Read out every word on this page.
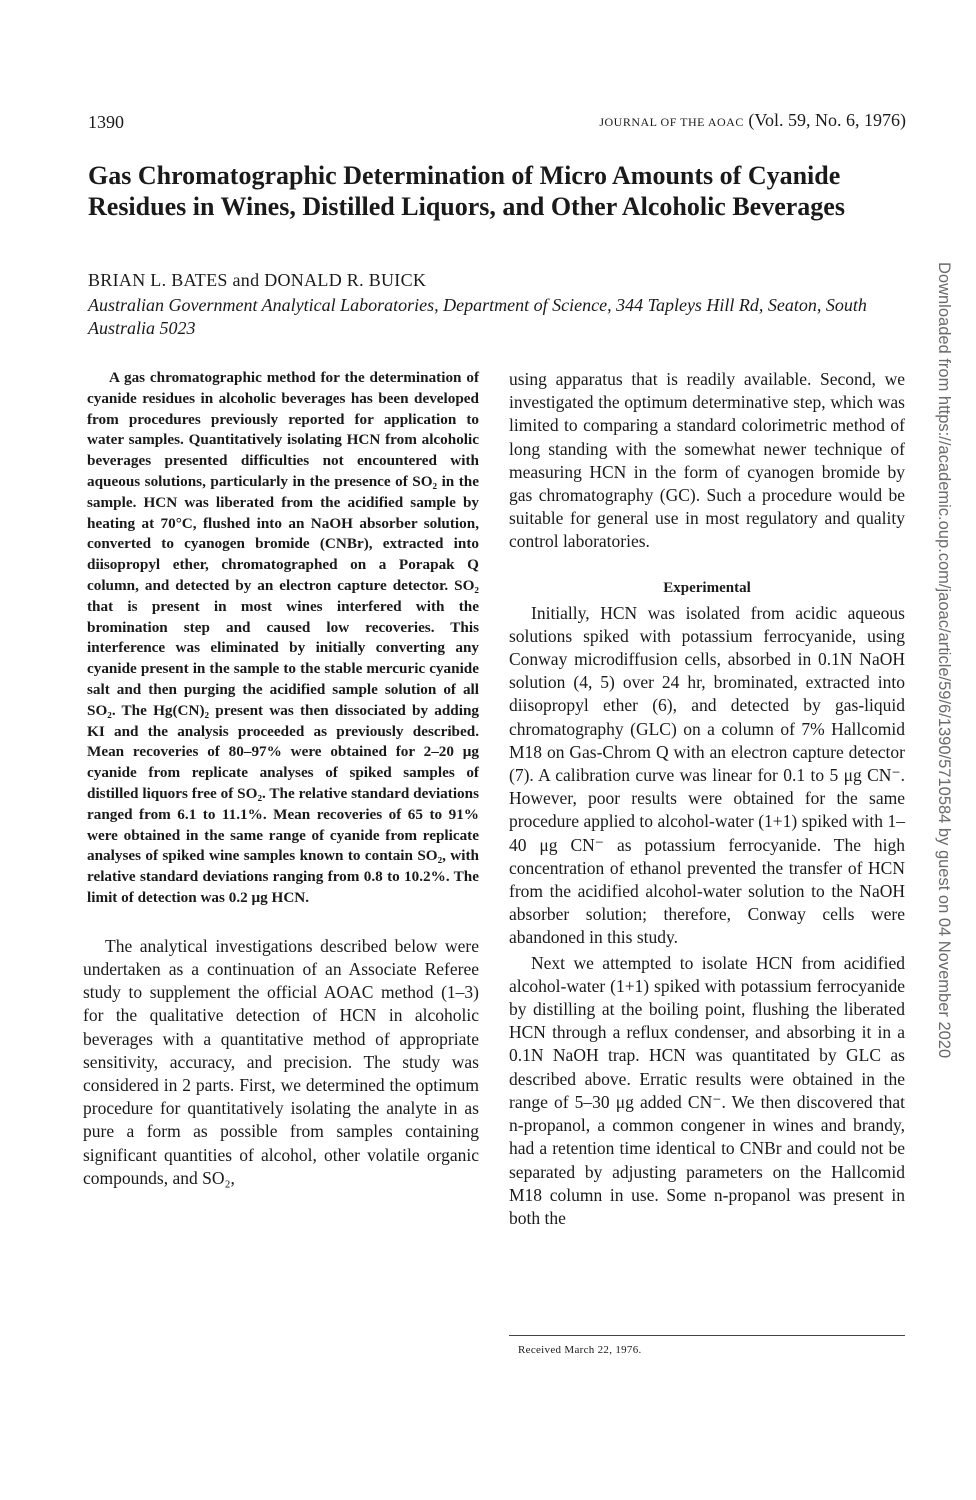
1390	JOURNAL OF THE AOAC (Vol. 59, No. 6, 1976)
Gas Chromatographic Determination of Micro Amounts of Cyanide Residues in Wines, Distilled Liquors, and Other Alcoholic Beverages
BRIAN L. BATES and DONALD R. BUICK
Australian Government Analytical Laboratories, Department of Science, 344 Tapleys Hill Rd, Seaton, South Australia 5023

A gas chromatographic method for the determination of cyanide residues in alcoholic beverages has been developed from procedures previously reported for application to water samples. Quantitatively isolating HCN from alcoholic beverages presented difficulties not encountered with aqueous solutions, particularly in the presence of SO₂ in the sample. HCN was liberated from the acidified sample by heating at 70°C, flushed into an NaOH absorber solution, converted to cyanogen bromide (CNBr), extracted into diisopropyl ether, chromatographed on a Porapak Q column, and detected by an electron capture detector. SO₂ that is present in most wines interfered with the bromination step and caused low recoveries. This interference was eliminated by initially converting any cyanide present in the sample to the stable mercuric cyanide salt and then purging the acidified sample solution of all SO₂. The Hg(CN)₂ present was then dissociated by adding KI and the analysis proceeded as previously described. Mean recoveries of 80–97% were obtained for 2–20 μg cyanide from replicate analyses of spiked samples of distilled liquors free of SO₂. The relative standard deviations ranged from 6.1 to 11.1%. Mean recoveries of 65 to 91% were obtained in the same range of cyanide from replicate analyses of spiked wine samples known to contain SO₂, with relative standard deviations ranging from 0.8 to 10.2%. The limit of detection was 0.2 μg HCN.

The analytical investigations described below were undertaken as a continuation of an Associate Referee study to supplement the official AOAC method (1–3) for the qualitative detection of HCN in alcoholic beverages with a quantitative method of appropriate sensitivity, accuracy, and precision. The study was considered in 2 parts. First, we determined the optimum procedure for quantitatively isolating the analyte in as pure a form as possible from samples containing significant quantities of alcohol, other volatile organic compounds, and SO₂,

using apparatus that is readily available. Second, we investigated the optimum determinative step, which was limited to comparing a standard colorimetric method of long standing with the somewhat newer technique of measuring HCN in the form of cyanogen bromide by gas chromatography (GC). Such a procedure would be suitable for general use in most regulatory and quality control laboratories.

Experimental

Initially, HCN was isolated from acidic aqueous solutions spiked with potassium ferrocyanide, using Conway microdiffusion cells, absorbed in 0.1N NaOH solution (4, 5) over 24 hr, brominated, extracted into diisopropyl ether (6), and detected by gas-liquid chromatography (GLC) on a column of 7% Hallcomid M18 on Gas-Chrom Q with an electron capture detector (7). A calibration curve was linear for 0.1 to 5 μg CN⁻. However, poor results were obtained for the same procedure applied to alcohol-water (1+1) spiked with 1–40 μg CN⁻ as potassium ferrocyanide. The high concentration of ethanol prevented the transfer of HCN from the acidified alcohol-water solution to the NaOH absorber solution; therefore, Conway cells were abandoned in this study.

Next we attempted to isolate HCN from acidified alcohol-water (1+1) spiked with potassium ferrocyanide by distilling at the boiling point, flushing the liberated HCN through a reflux condenser, and absorbing it in a 0.1N NaOH trap. HCN was quantitated by GLC as described above. Erratic results were obtained in the range of 5–30 μg added CN⁻. We then discovered that n-propanol, a common congener in wines and brandy, had a retention time identical to CNBr and could not be separated by adjusting parameters on the Hallcomid M18 column in use. Some n-propanol was present in both the

Received March 22, 1976.
Downloaded from https://academic.oup.com/jaoac/article/59/6/1390/5710584 by guest on 04 November 2020
